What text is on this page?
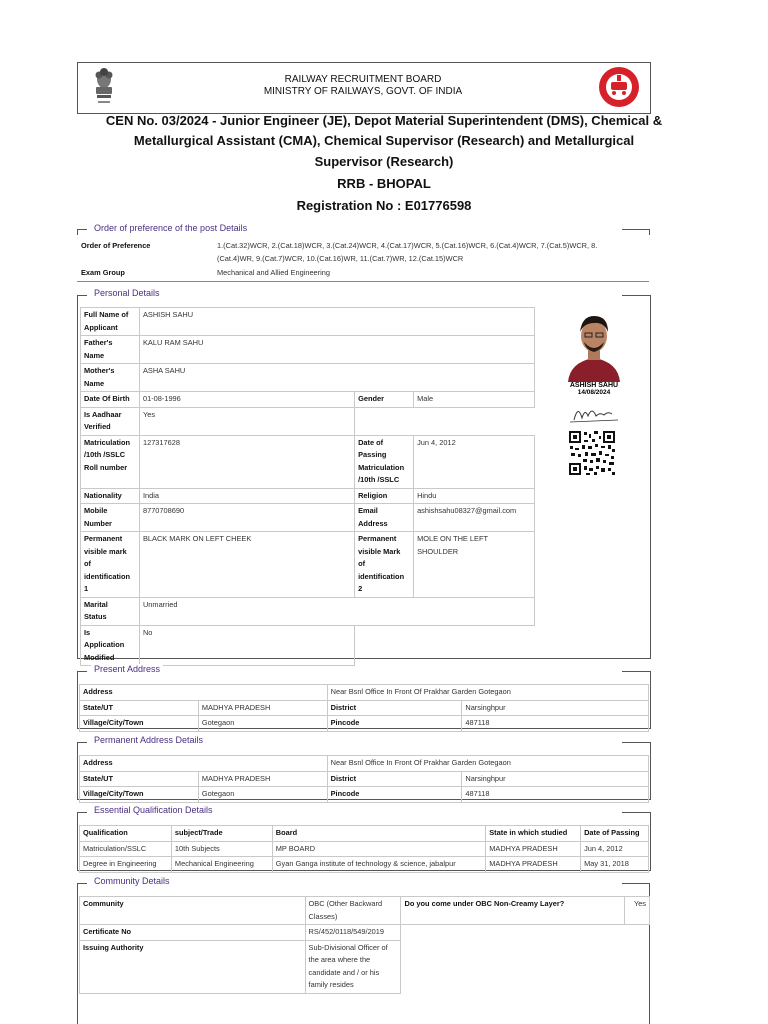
RAILWAY RECRUITMENT BOARD
MINISTRY OF RAILWAYS, GOVT. OF INDIA
CEN No. 03/2024 - Junior Engineer (JE), Depot Material Superintendent (DMS), Chemical &
Metallurgical Assistant (CMA), Chemical Supervisor (Research) and Metallurgical
Supervisor (Research)
RRB - BHOPAL
Registration No : E01776598
Order of preference of the post Details
Order of Preference	1.(Cat.32)WCR, 2.(Cat.18)WCR, 3.(Cat.24)WCR, 4.(Cat.17)WCR, 5.(Cat.16)WCR, 6.(Cat.4)WCR, 7.(Cat.5)WCR, 8.
(Cat.4)WR, 9.(Cat.7)WCR, 10.(Cat.16)WR, 11.(Cat.7)WR, 12.(Cat.15)WCR
Exam Group	Mechanical and Allied Engineering
Personal Details
Full Name of
Applicant	ASHISH SAHU		
Father's
Name	KALU RAM SAHU		
Mother's
Name	ASHA SAHU		
Date Of Birth	01-08-1996	Gender	Male
Is Aadhaar
Verified	Yes		
Matriculation
/10th /SSLC
Roll number	127317628	Date of
Passing
Matriculation
/10th /SSLC	Jun 4, 2012
Nationality	India	Religion	Hindu
Mobile
Number	8770708690	Email
Address	ashishsahu08327@gmail.com
Permanent
visible mark
of
identification
1	BLACK MARK ON LEFT CHEEK	Permanent
visible Mark
of
identification
2	MOLE ON THE LEFT
SHOULDER
Marital
Status	Unmarried		
Is
Application
Modified	No		
ASHISH SAHU
14/08/2024
Present Address
Address		Near Bsnl Office In Front Of Prakhar Garden Gotegaon	
State/UT	MADHYA PRADESH	District	Narsinghpur
Village/City/Town	Gotegaon	Pincode	487118
Permanent Address Details
Address		Near Bsnl Office In Front Of Prakhar Garden Gotegaon	
State/UT	MADHYA PRADESH	District	Narsinghpur
Village/City/Town	Gotegaon	Pincode	487118
Essential Qualification Details
Qualification	subject/Trade	Board	State in which studied	Date of Passing
Matriculation/SSLC	10th Subjects	MP BOARD	MADHYA PRADESH	Jun 4, 2012
Degree in Engineering	Mechanical Engineering	Gyan Ganga institute of technology & science, jabalpur	MADHYA PRADESH	May 31, 2018
Community Details
Community	OBC (Other Backward
Classes)	Do you come under OBC Non-Creamy Layer?	Yes
Certificate No	RS/452/0118/549/2019		
Issuing Authority	Sub-Divisional Officer of
the area where the
candidate and / or his
family resides		
